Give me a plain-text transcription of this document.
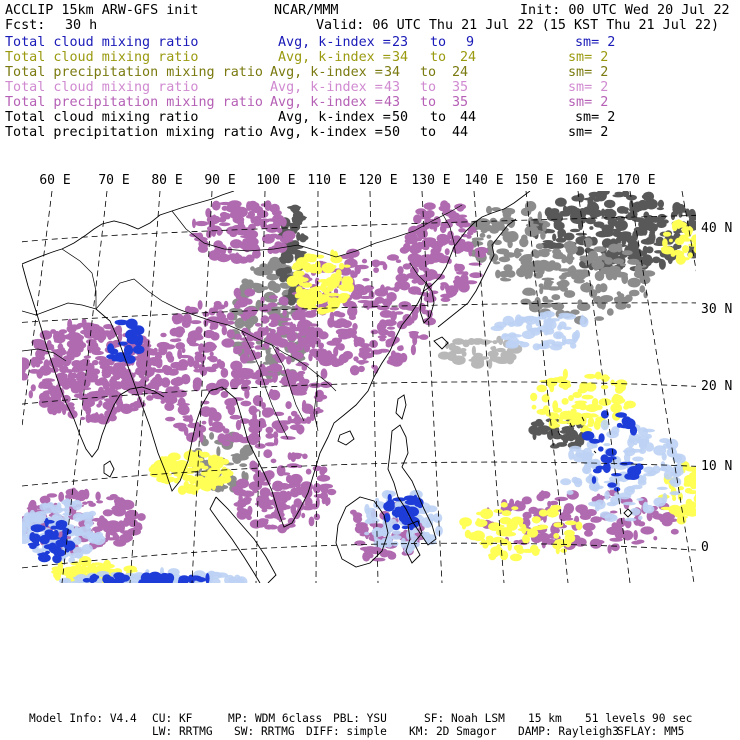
ACCLIP 15km ARW-GFS init	NCAR/MMM	Init: 00 UTC Wed 20 Jul 22
Fcst: 30 h	Valid: 06 UTC Thu 21 Jul 22 (15 KST Thu 21 Jul 22)
Total cloud mixing ratio	Avg, k-index = 23 to 9	sm= 2
Total cloud mixing ratio	Avg, k-index = 34 to 24	sm= 2
Total precipitation mixing ratio Avg, k-index = 34 to 24	sm= 2
Total cloud mixing ratio	Avg, k-index = 43 to 35	sm= 2
Total precipitation mixing ratio Avg, k-index = 43 to 35	sm= 2
Total cloud mixing ratio	Avg, k-index = 50 to 44	sm= 2
Total precipitation mixing ratio Avg, k-index = 50 to 44	sm= 2
60 E 70 E 80 E 90 E 100 E 110 E 120 E 130 E 140 E 150 E 160 E 170 E
40 N
30 N
20 N
10 N
0
Model Info: V4.4 CU: KF	MP: WDM 6class PBL: YSU	SF: Noah LSM 15 km 51 levels 90 sec
LW: RRTMG SW: RRTMG DIFF: simple KM: 2D Smagor DAMP: Rayleigh3
SFLAY: MM5
